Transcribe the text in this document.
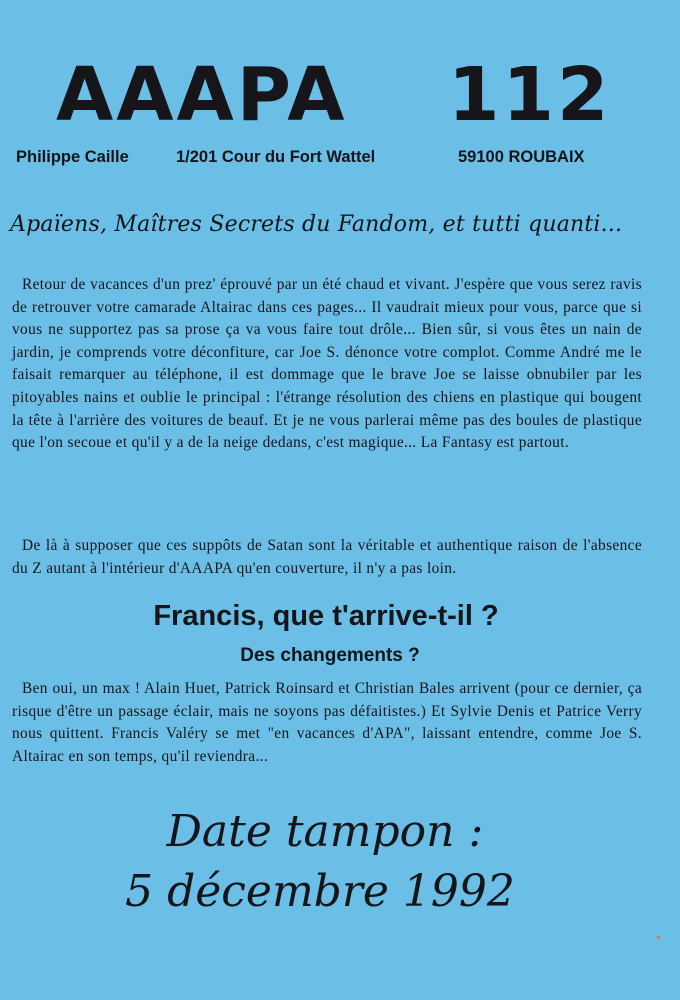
AAAPA 112
Philippe Caille	1/201 Cour du Fort Wattel	59100 ROUBAIX
Apaïens, Maîtres Secrets du Fandom, et tutti quanti...

Retour de vacances d'un prez' éprouvé par un été chaud et vivant. J'espère que vous serez ravis de retrouver votre camarade Altairac dans ces pages... Il vaudrait mieux pour vous, parce que si vous ne supportez pas sa prose ça va vous faire tout drôle... Bien sûr, si vous êtes un nain de jardin, je comprends votre déconfiture, car Joe S. dénonce votre complot. Comme André me le faisait remarquer au téléphone, il est dommage que le brave Joe se laisse obnubiler par les pitoyables nains et oublie le principal : l'étrange résolution des chiens en plastique qui bougent la tête à l'arrière des voitures de beauf. Et je ne vous parlerai même pas des boules de plastique que l'on secoue et qu'il y a de la neige dedans, c'est magique... La Fantasy est partout.

De là à supposer que ces suppôts de Satan sont la véritable et authentique raison de l'absence du Z autant à l'intérieur d'AAAPA qu'en couverture, il n'y a pas loin.

Francis, que t'arrive-t-il ?
Des changements ?

Ben oui, un max ! Alain Huet, Patrick Roinsard et Christian Bales arrivent (pour ce dernier, ça risque d'être un passage éclair, mais ne soyons pas défaitistes.) Et Sylvie Denis et Patrice Verry nous quittent. Francis Valéry se met "en vacances d'APA", laissant entendre, comme Joe S. Altairac en son temps, qu'il reviendra...

Date tampon :
5 décembre 1992
